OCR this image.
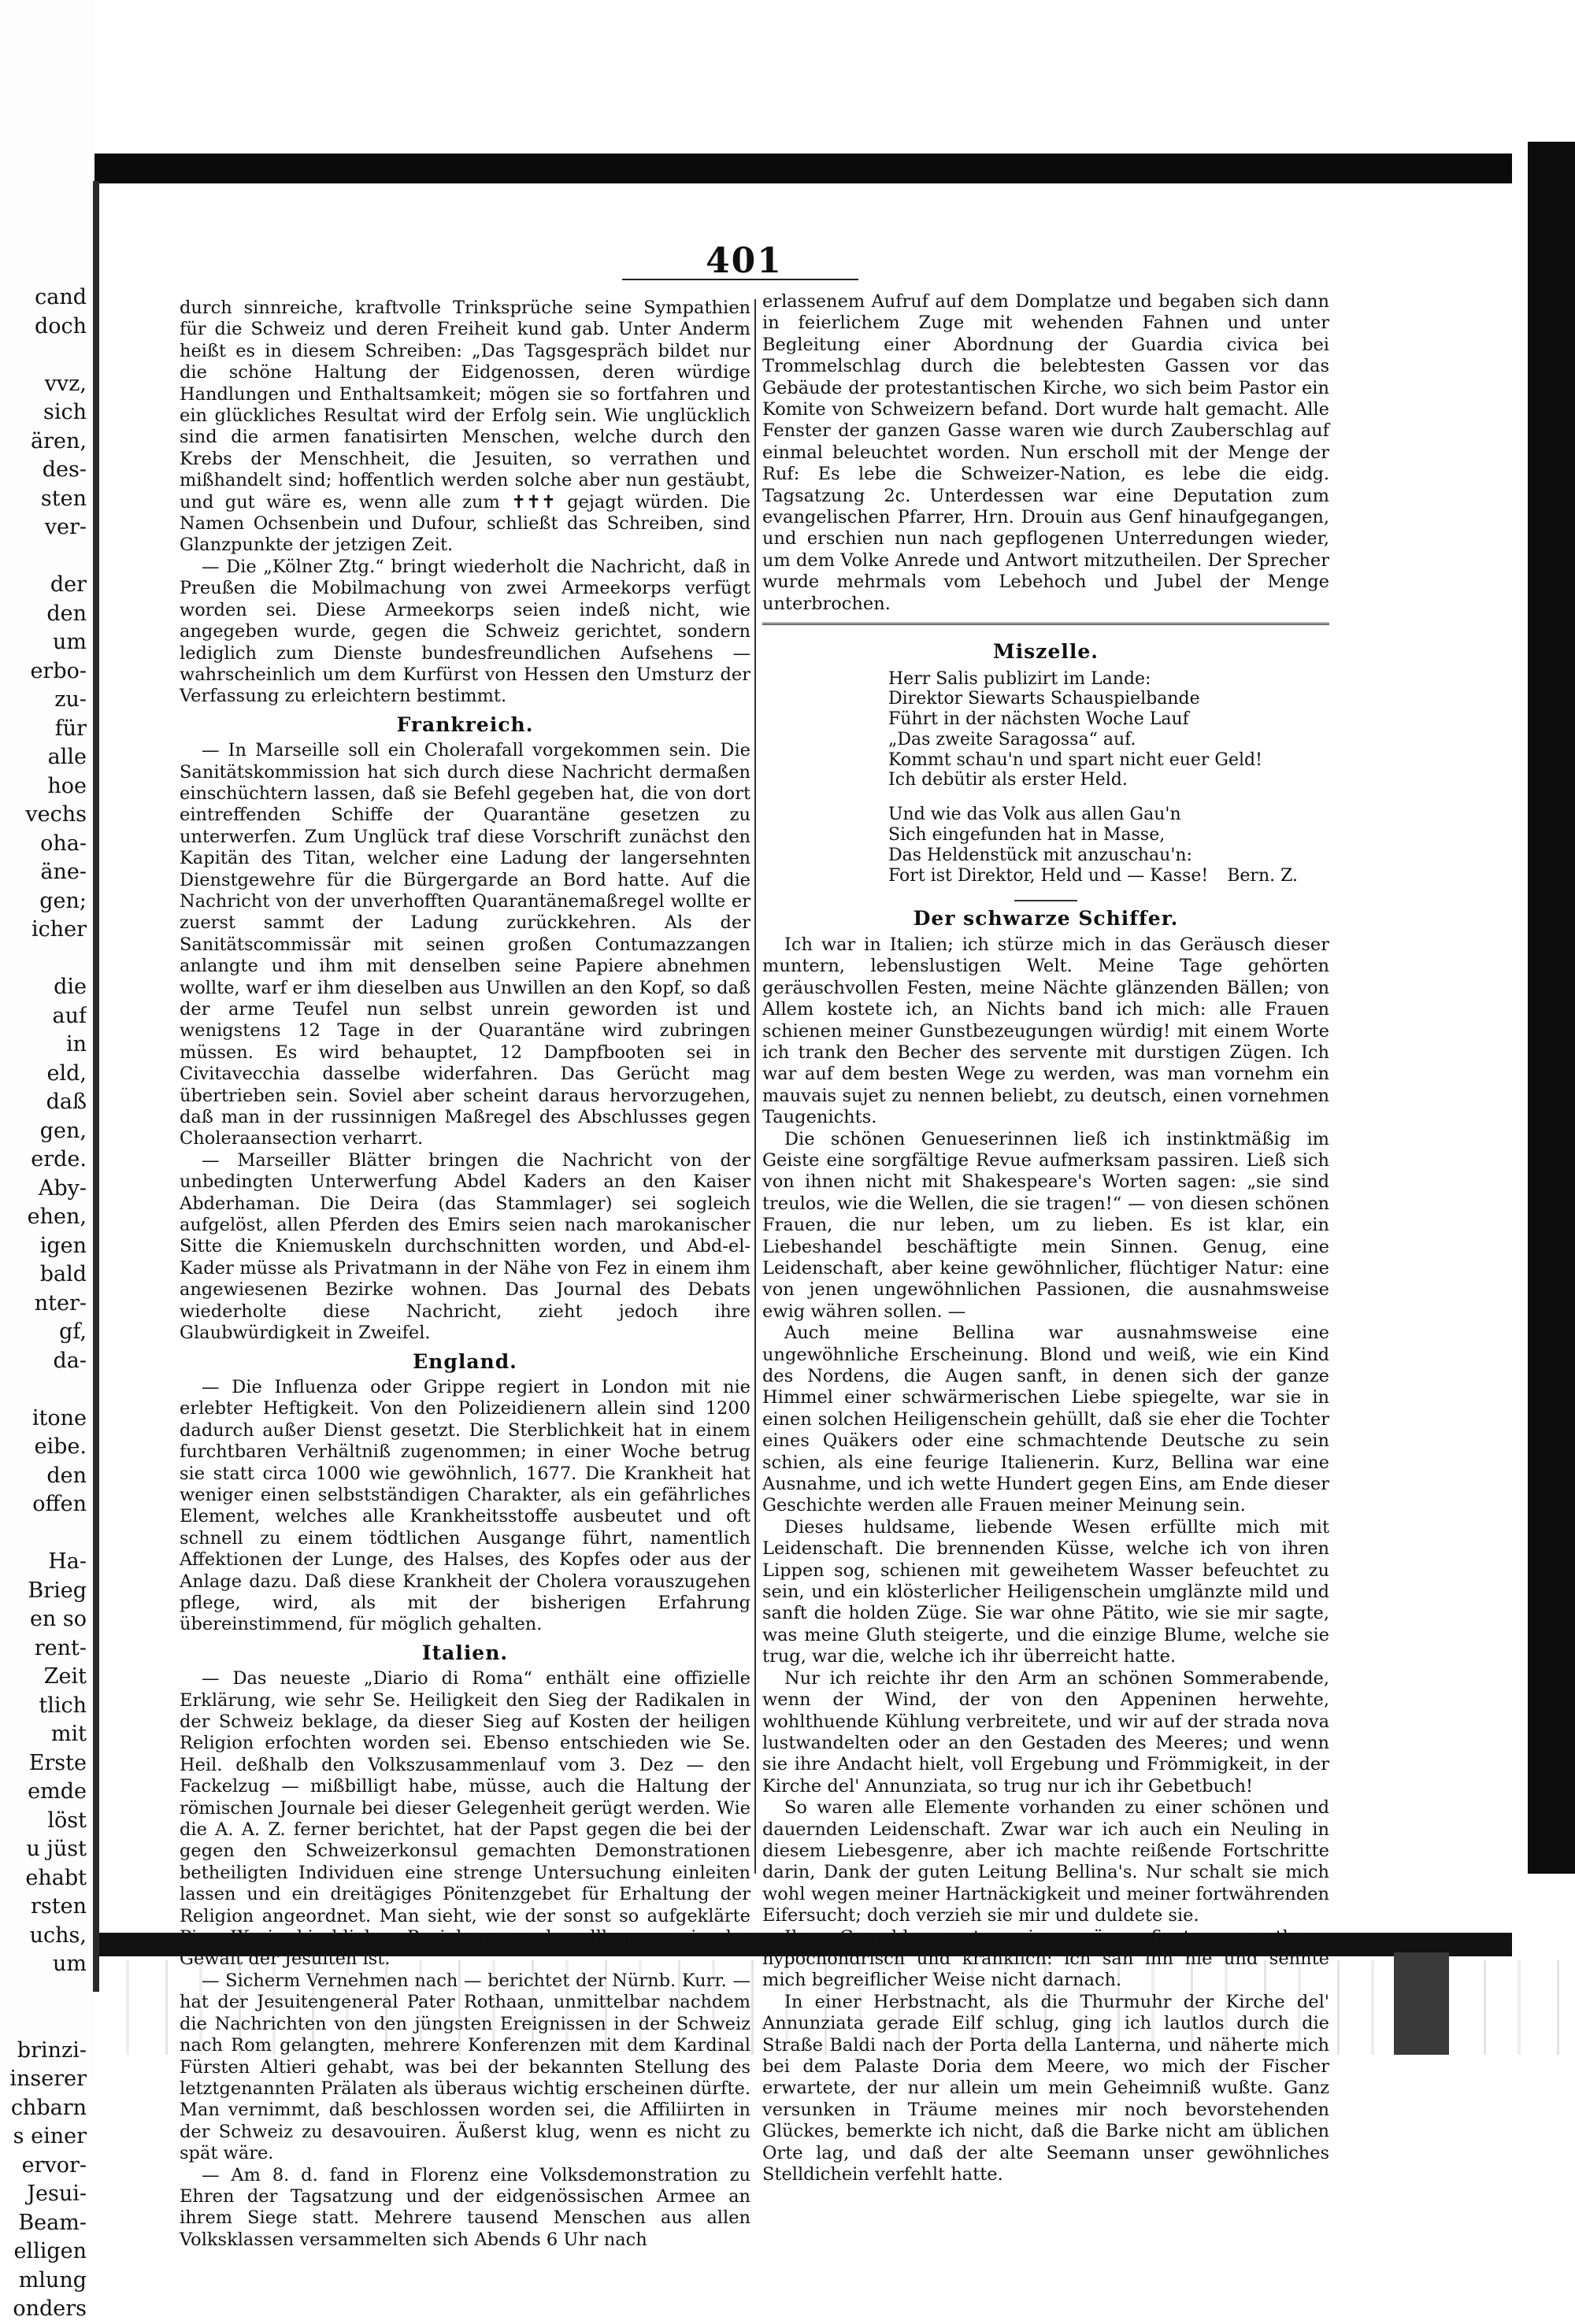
cand
doch

vvz,
sich
ären,
des-
sten
ver-

der
den
um
erbo-
zu-
für
alle
hoe
vechs
oha-
äne-
gen;
icher

die
auf
in
eld,
daß
gen,
erde.
Aby-
ehen,
igen
bald
nter-
gf,
da-

itone
eibe.
den
offen

Ha-
Brieg
en so
rent-
Zeit
tlich
mit
Erste
emde
löst
u jüst
ehabt
rsten
uchs,
um

brinzi-
inserer
chbarn
s einer
ervor-
Jesui-
Beam-
elligen
mlung
onders
401

durch sinnreiche, kraftvolle Trinksprüche seine Sympathien für die Schweiz und deren Freiheit kund gab. Unter Anderm heißt es in diesem Schreiben: „Das Tagsgespräch bildet nur die schöne Haltung der Eidgenossen, deren würdige Handlungen und Enthaltsamkeit; mögen sie so fortfahren und ein glückliches Resultat wird der Erfolg sein. Wie unglücklich sind die armen fanatisirten Menschen, welche durch den Krebs der Menschheit, die Jesuiten, so verrathen und mißhandelt sind; hoffentlich werden solche aber nun gestäubt, und gut wäre es, wenn alle zum ✝✝✝ gejagt würden. Die Namen Ochsenbein und Dufour, schließt das Schreiben, sind Glanzpunkte der jetzigen Zeit.

— Die „Kölner Ztg.“ bringt wiederholt die Nachricht, daß in Preußen die Mobilmachung von zwei Armeekorps verfügt worden sei. Diese Armeekorps seien indeß nicht, wie angegeben wurde, gegen die Schweiz gerichtet, sondern lediglich zum Dienste bundesfreundlichen Aufsehens — wahrscheinlich um dem Kurfürst von Hessen den Umsturz der Verfassung zu erleichtern bestimmt.

Frankreich.

— In Marseille soll ein Cholerafall vorgekommen sein. Die Sanitätskommission hat sich durch diese Nachricht dermaßen einschüchtern lassen, daß sie Befehl gegeben hat, die von dort eintreffenden Schiffe der Quarantäne gesetzen zu unterwerfen. Zum Unglück traf diese Vorschrift zunächst den Kapitän des Titan, welcher eine Ladung der langersehnten Dienstgewehre für die Bürgergarde an Bord hatte. Auf die Nachricht von der unverhofften Quarantänemaßregel wollte er zuerst sammt der Ladung zurückkehren. Als der Sanitätscommissär mit seinen großen Contumazzangen anlangte und ihm mit denselben seine Papiere abnehmen wollte, warf er ihm dieselben aus Unwillen an den Kopf, so daß der arme Teufel nun selbst unrein geworden ist und wenigstens 12 Tage in der Quarantäne wird zubringen müssen. Es wird behauptet, 12 Dampfbooten sei in Civitavecchia dasselbe widerfahren. Das Gerücht mag übertrieben sein. Soviel aber scheint daraus hervorzugehen, daß man in der russinnigen Maßregel des Abschlusses gegen Choleraansection verharrt.

— Marseiller Blätter bringen die Nachricht von der unbedingten Unterwerfung Abdel Kaders an den Kaiser Abderhaman. Die Deira (das Stammlager) sei sogleich aufgelöst, allen Pferden des Emirs seien nach marokanischer Sitte die Kniemuskeln durchschnitten worden, und Abd-el-Kader müsse als Privatmann in der Nähe von Fez in einem ihm angewiesenen Bezirke wohnen. Das Journal des Debats wiederholte diese Nachricht, zieht jedoch ihre Glaubwürdigkeit in Zweifel.

England.

— Die Influenza oder Grippe regiert in London mit nie erlebter Heftigkeit. Von den Polizeidienern allein sind 1200 dadurch außer Dienst gesetzt. Die Sterblichkeit hat in einem furchtbaren Verhältniß zugenommen; in einer Woche betrug sie statt circa 1000 wie gewöhnlich, 1677. Die Krankheit hat weniger einen selbstständigen Charakter, als ein gefährliches Element, welches alle Krankheitsstoffe ausbeutet und oft schnell zu einem tödtlichen Ausgange führt, namentlich Affektionen der Lunge, des Halses, des Kopfes oder aus der Anlage dazu. Daß diese Krankheit der Cholera vorauszugehen pflege, wird, als mit der bisherigen Erfahrung übereinstimmend, für möglich gehalten.

Italien.

— Das neueste „Diario di Roma“ enthält eine offizielle Erklärung, wie sehr Se. Heiligkeit den Sieg der Radikalen in der Schweiz beklage, da dieser Sieg auf Kosten der heiligen Religion erfochten worden sei. Ebenso entschieden wie Se. Heil. deßhalb den Volkszusammenlauf vom 3. Dez — den Fackelzug — mißbilligt habe, müsse, auch die Haltung der römischen Journale bei dieser Gelegenheit gerügt werden. Wie die A. A. Z. ferner berichtet, hat der Papst gegen die bei der gegen den Schweizerkonsul gemachten Demonstrationen betheiligten Individuen eine strenge Untersuchung einleiten lassen und ein dreitägiges Pönitenzgebet für Erhaltung der Religion angeordnet. Man sieht, wie der sonst so aufgeklärte Pius IX. in kirchlicher Beziehung noch vollkommen in der Gewalt der Jesuiten ist.

— Sicherm Vernehmen nach — berichtet der Nürnb. Kurr. — hat der Jesuitengeneral Pater Rothaan, unmittelbar nachdem die Nachrichten von den jüngsten Ereignissen in der Schweiz nach Rom gelangten, mehrere Konferenzen mit dem Kardinal Fürsten Altieri gehabt, was bei der bekannten Stellung des letztgenannten Prälaten als überaus wichtig erscheinen dürfte. Man vernimmt, daß beschlossen worden sei, die Affiliirten in der Schweiz zu desavouiren. Äußerst klug, wenn es nicht zu spät wäre.

— Am 8. d. fand in Florenz eine Volksdemonstration zu Ehren der Tagsatzung und der eidgenössischen Armee an ihrem Siege statt. Mehrere tausend Menschen aus allen Volksklassen versammelten sich Abends 6 Uhr nach

erlassenem Aufruf auf dem Domplatze und begaben sich dann in feierlichem Zuge mit wehenden Fahnen und unter Begleitung einer Abordnung der Guardia civica bei Trommelschlag durch die belebtesten Gassen vor das Gebäude der protestantischen Kirche, wo sich beim Pastor ein Komite von Schweizern befand. Dort wurde halt gemacht. Alle Fenster der ganzen Gasse waren wie durch Zauberschlag auf einmal beleuchtet worden. Nun erscholl mit der Menge der Ruf: Es lebe die Schweizer-Nation, es lebe die eidg. Tagsatzung 2c. Unterdessen war eine Deputation zum evangelischen Pfarrer, Hrn. Drouin aus Genf hinaufgegangen, und erschien nun nach gepflogenen Unterredungen wieder, um dem Volke Anrede und Antwort mitzutheilen. Der Sprecher wurde mehrmals vom Lebehoch und Jubel der Menge unterbrochen.

Miszelle.
Herr Salis publizirt im Lande:
Direktor Siewarts Schauspielbande
Führt in der nächsten Woche Lauf
„Das zweite Saragossa“ auf.
Kommt schau'n und spart nicht euer Geld!
Ich debütir als erster Held.
Und wie das Volk aus allen Gau'n
Sich eingefunden hat in Masse,
Das Heldenstück mit anzuschau'n:
Fort ist Direktor, Held und — Kasse! Bern. Z.
Der schwarze Schiffer.

Ich war in Italien; ich stürze mich in das Geräusch dieser muntern, lebenslustigen Welt. Meine Tage gehörten geräuschvollen Festen, meine Nächte glänzenden Bällen; von Allem kostete ich, an Nichts band ich mich: alle Frauen schienen meiner Gunstbezeugungen würdig! mit einem Worte ich trank den Becher des servente mit durstigen Zügen. Ich war auf dem besten Wege zu werden, was man vornehm ein mauvais sujet zu nennen beliebt, zu deutsch, einen vornehmen Taugenichts.

Die schönen Genueserinnen ließ ich instinktmäßig im Geiste eine sorgfältige Revue aufmerksam passiren. Ließ sich von ihnen nicht mit Shakespeare's Worten sagen: „sie sind treulos, wie die Wellen, die sie tragen!“ — von diesen schönen Frauen, die nur leben, um zu lieben. Es ist klar, ein Liebeshandel beschäftigte mein Sinnen. Genug, eine Leidenschaft, aber keine gewöhnlicher, flüchtiger Natur: eine von jenen ungewöhnlichen Passionen, die ausnahmsweise ewig währen sollen. —

Auch meine Bellina war ausnahmsweise eine ungewöhnliche Erscheinung. Blond und weiß, wie ein Kind des Nordens, die Augen sanft, in denen sich der ganze Himmel einer schwärmerischen Liebe spiegelte, war sie in einen solchen Heiligenschein gehüllt, daß sie eher die Tochter eines Quäkers oder eine schmachtende Deutsche zu sein schien, als eine feurige Italienerin. Kurz, Bellina war eine Ausnahme, und ich wette Hundert gegen Eins, am Ende dieser Geschichte werden alle Frauen meiner Meinung sein.

Dieses huldsame, liebende Wesen erfüllte mich mit Leidenschaft. Die brennenden Küsse, welche ich von ihren Lippen sog, schienen mit geweihetem Wasser befeuchtet zu sein, und ein klösterlicher Heiligenschein umglänzte mild und sanft die holden Züge. Sie war ohne Pätito, wie sie mir sagte, was meine Gluth steigerte, und die einzige Blume, welche sie trug, war die, welche ich ihr überreicht hatte.

Nur ich reichte ihr den Arm an schönen Sommerabende, wenn der Wind, der von den Appeninen herwehte, wohlthuende Kühlung verbreitete, und wir auf der strada nova lustwandelten oder an den Gestaden des Meeres; und wenn sie ihre Andacht hielt, voll Ergebung und Frömmigkeit, in der Kirche del' Annunziata, so trug nur ich ihr Gebetbuch!

So waren alle Elemente vorhanden zu einer schönen und dauernden Leidenschaft. Zwar war ich auch ein Neuling in diesem Liebesgenre, aber ich machte reißende Fortschritte darin, Dank der guten Leitung Bellina's. Nur schalt sie mich wohl wegen meiner Hartnäckigkeit und meiner fortwährenden Eifersucht; doch verzieh sie mir und duldete sie.

Ihr Gemahl, sagte sie, wäre finster, wortkarg, hypochondrisch und kränklich: ich sah ihn nie und sehnte mich begreiflicher Weise nicht darnach.

In einer Herbstnacht, als die Thurmuhr der Kirche del' Annunziata gerade Eilf schlug, ging ich lautlos durch die Straße Baldi nach der Porta della Lanterna, und näherte mich bei dem Palaste Doria dem Meere, wo mich der Fischer erwartete, der nur allein um mein Geheimniß wußte. Ganz versunken in Träume meines mir noch bevorstehenden Glückes, bemerkte ich nicht, daß die Barke nicht am üblichen Orte lag, und daß der alte Seemann unser gewöhnliches Stelldichein verfehlt hatte.
